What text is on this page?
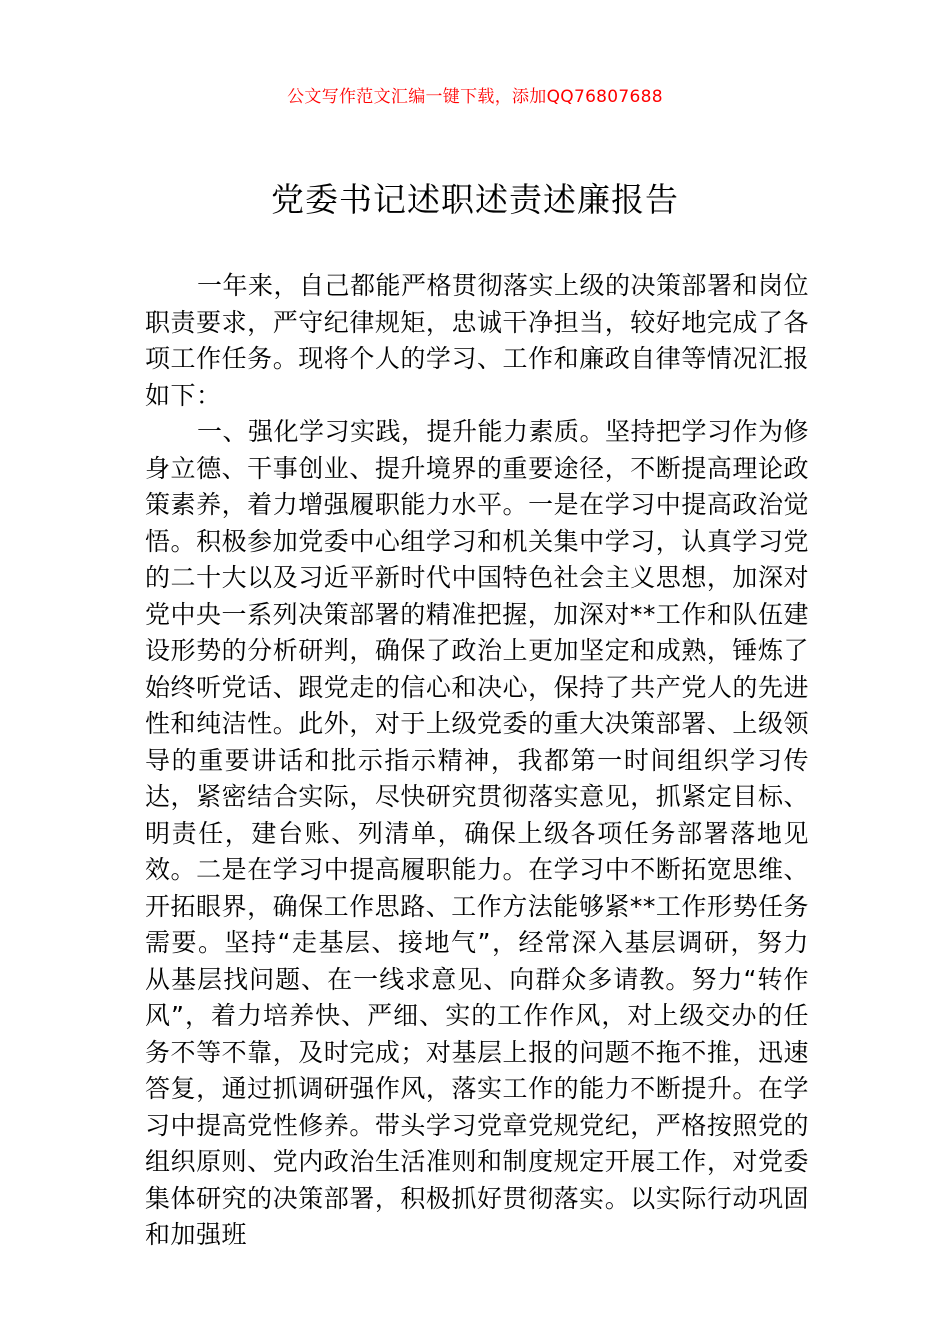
公文写作范文汇编一键下载，添加QQ76807688
党委书记述职述责述廉报告

一年来，自己都能严格贯彻落实上级的决策部署和岗位职责要求，严守纪律规矩，忠诚干净担当，较好地完成了各项工作任务。现将个人的学习、工作和廉政自律等情况汇报如下：

一、强化学习实践，提升能力素质。坚持把学习作为修身立德、干事创业、提升境界的重要途径，不断提高理论政策素养，着力增强履职能力水平。一是在学习中提高政治觉悟。积极参加党委中心组学习和机关集中学习，认真学习党的二十大以及习近平新时代中国特色社会主义思想，加深对党中央一系列决策部署的精准把握，加深对**工作和队伍建设形势的分析研判，确保了政治上更加坚定和成熟，锤炼了始终听党话、跟党走的信心和决心，保持了共产党人的先进性和纯洁性。此外，对于上级党委的重大决策部署、上级领导的重要讲话和批示指示精神，我都第一时间组织学习传达，紧密结合实际，尽快研究贯彻落实意见，抓紧定目标、明责任，建台账、列清单，确保上级各项任务部署落地见效。二是在学习中提高履职能力。在学习中不断拓宽思维、开拓眼界，确保工作思路、工作方法能够紧**工作形势任务需要。坚持“走基层、接地气”，经常深入基层调研，努力从基层找问题、在一线求意见、向群众多请教。努力“转作风”，着力培养快、严细、实的工作作风，对上级交办的任务不等不靠，及时完成；对基层上报的问题不拖不推，迅速答复，通过抓调研强作风，落实工作的能力不断提升。在学习中提高党性修养。带头学习党章党规党纪，严格按照党的组织原则、党内政治生活准则和制度规定开展工作，对党委集体研究的决策部署，积极抓好贯彻落实。以实际行动巩固和加强班
